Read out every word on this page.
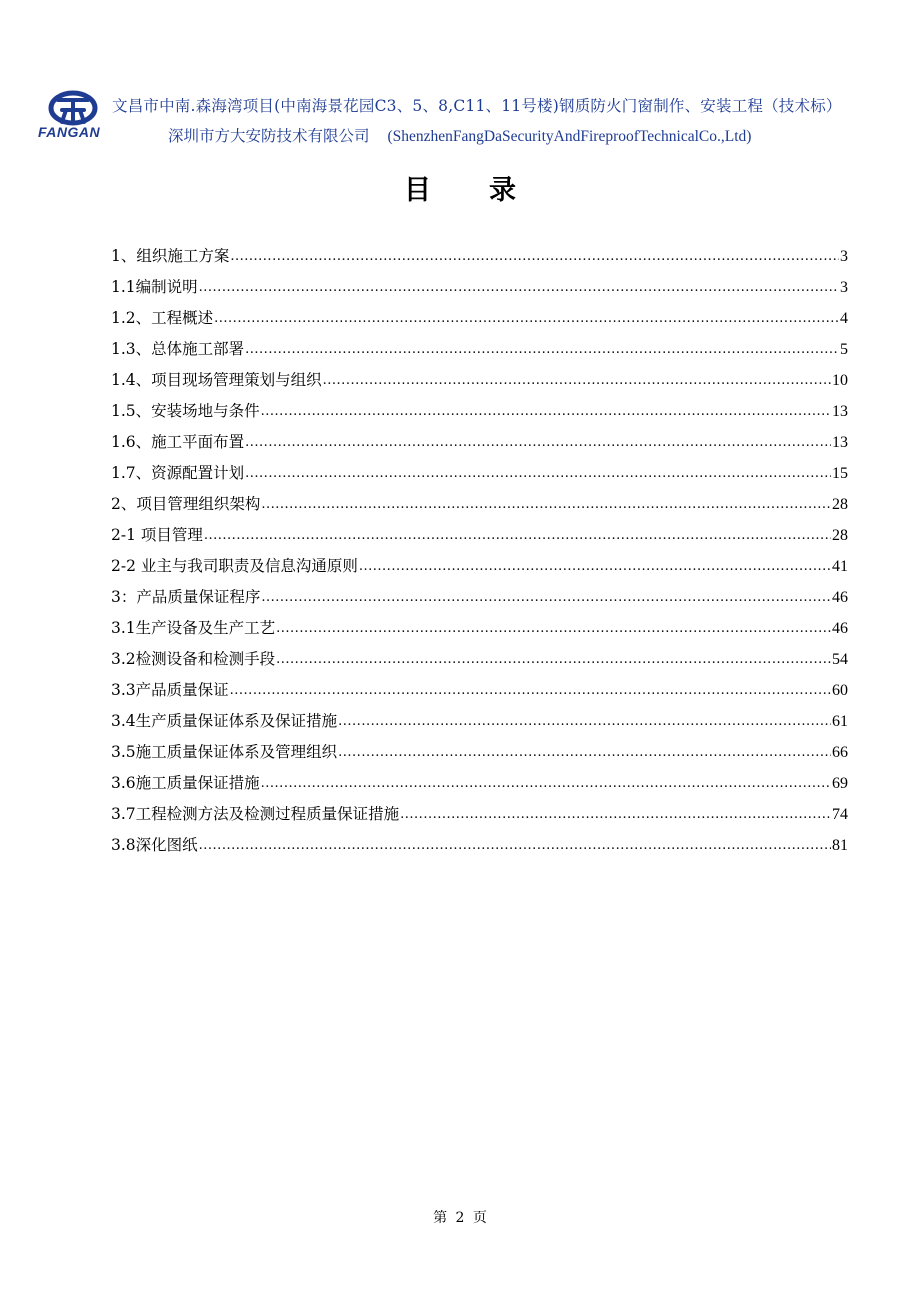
FANGAN
文昌市中南.森海湾项目(中南海景花园C3、5、8,C11、11号楼)钢质防火门窗制作、安装工程（技术标）
深圳市方大安防技术有限公司 (ShenzhenFangDaSecurityAndFireproofTechnicalCo.,Ltd)
目录
1、组织施工方案 .....	3
1.1编制说明 .....	3
1.2、工程概述 .....	4
1.3、总体施工部署 .....	5
1.4、项目现场管理策划与组织 .....	10
1.5、安装场地与条件 .....	13
1.6、施工平面布置 .....	13
1.7、资源配置计划 .....	15
2、项目管理组织架构 .....	28
2-1 项目管理 .....	28
2-2 业主与我司职责及信息沟通原则 .....	41
3：产品质量保证程序 .....	46
3.1生产设备及生产工艺 .....	46
3.2检测设备和检测手段 .....	54
3.3产品质量保证 .....	60
3.4生产质量保证体系及保证措施 .....	61
3.5施工质量保证体系及管理组织 .....	66
3.6施工质量保证措施 .....	69
3.7工程检测方法及检测过程质量保证措施 .....	74
3.8深化图纸 .....	81
第 2 页
